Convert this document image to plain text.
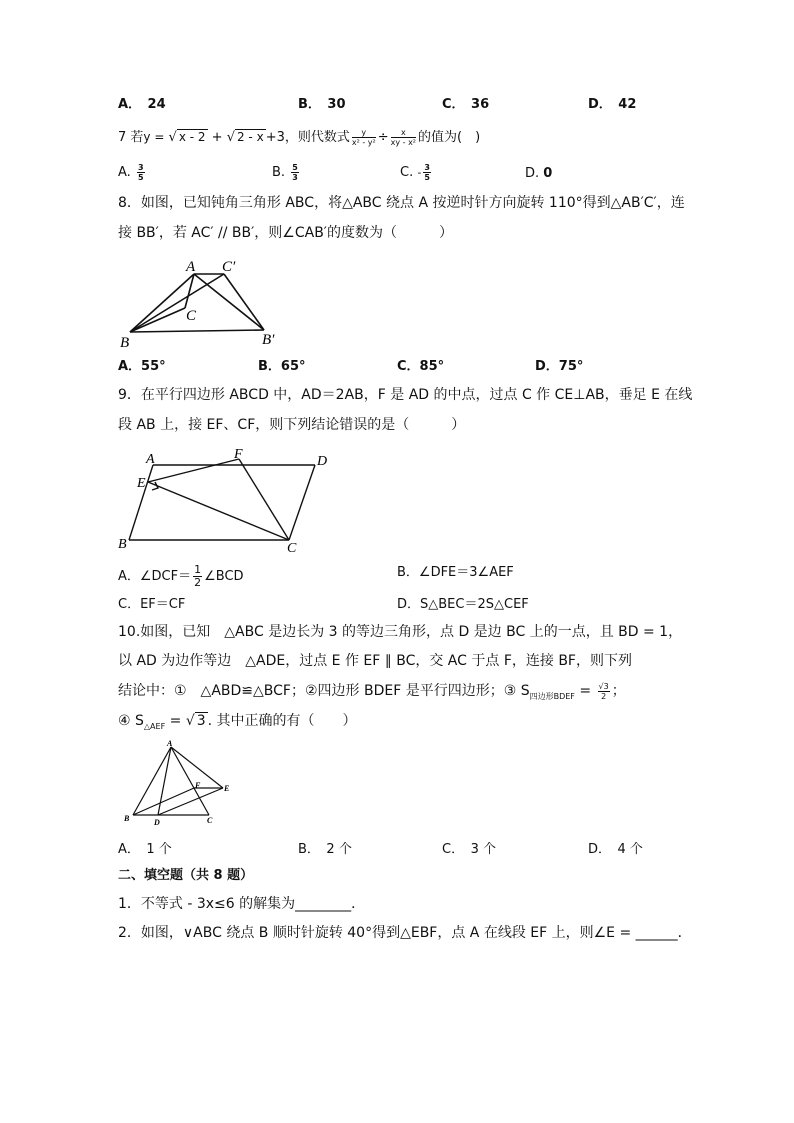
A．　24	B．　30	C．　36	D．　42
7 若y = √ x - 2 + √ 2 - x +3，则代数式 $\frac{y}{\text{x² - y²}} \div \frac{x}{\text{xy - x²}}$ 的值为(　)
A. $\frac{3}{5}$	B. $\frac{5}{3}$	C. - $\frac{3}{5}$	D. 0
8．如图，已知钝角三角形 ABC，将△ABC 绕点 A 按逆时针方向旋转 110°得到△AB′C′，连
接 BB′，若 AC′ // BB′，则∠CAB′的度数为（　　　）
A C′
C
B	B′
A．55°	B．65°	C．85°	D．75°
9．在平行四边形 ABCD 中，AD＝2AB，F 是 AD 的中点，过点 C 作 CE⊥AB，垂足 E 在线
段 AB 上，接 EF、CF，则下列结论错误的是（　　　）
A	F	D
E
B	C
A．∠DCF＝ $\frac{1}{2}$ ∠BCD	B．∠DFE＝3∠AEF
C．EF＝CF	D．S△BEC＝2S△CEF
10.如图，已知　△ABC 是边长为 3 的等边三角形，点 D 是边 BC 上的一点，且 BD = 1，
以 AD 为边作等边　△ADE，过点 E 作 EF ∥ BC，交 AC 于点 F，连接 BF，则下列
结论中：①　△ABD≌△BCF；②四边形 BDEF 是平行四边形；③ $S_{四边形BDEF} = \frac{√3}{2}$ ；
④ $S_{\triangle AEF}$ = √ 3 . 其中正确的有（　　）
A
F	E
B	D	C
A．　1 个	B．　2 个	C．　3 个	D．　4 个
二、填空题（共 8 题）
1．不等式 - 3x≤6 的解集为________．
2．如图，∨ABC 绕点 B 顺时针旋转 40°得到△EBF，点 A 在线段 EF 上，则∠E = ______．
